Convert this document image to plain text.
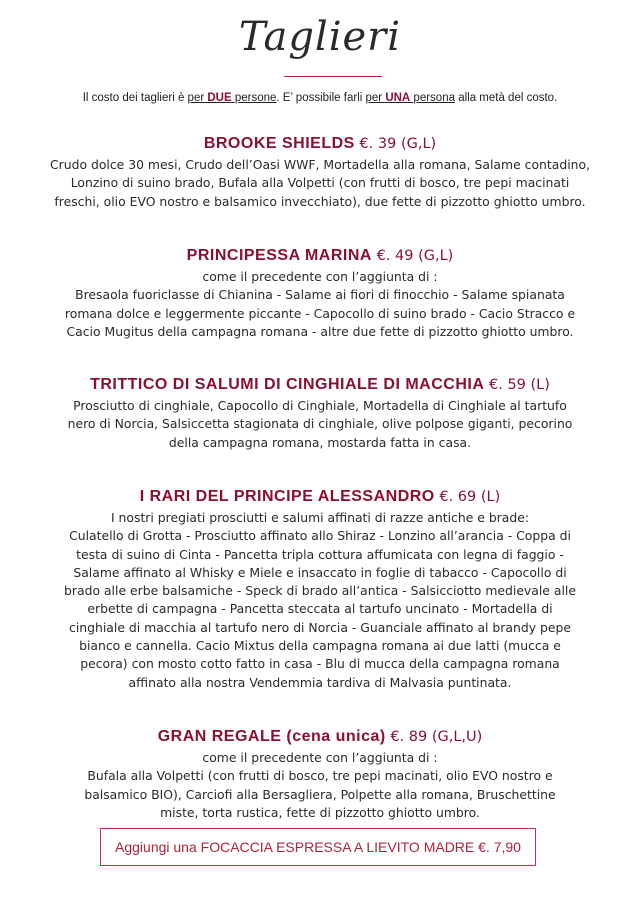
Taglieri
Il costo dei taglieri è per DUE persone. E’ possibile farli per UNA persona alla metà del costo.
BROOKE SHIELDS €. 39 (G,L)
Crudo dolce 30 mesi, Crudo dell’Oasi WWF, Mortadella alla romana, Salame contadino,
Lonzino di suino brado, Bufala alla Volpetti (con frutti di bosco, tre pepi macinati
freschi, olio EVO nostro e balsamico invecchiato), due fette di pizzotto ghiotto umbro.
PRINCIPESSA MARINA €. 49 (G,L)
come il precedente con l’aggiunta di :
Bresaola fuoriclasse di Chianina - Salame ai fiori di finocchio - Salame spianata
romana dolce e leggermente piccante - Capocollo di suino brado - Cacio Stracco e
Cacio Mugitus della campagna romana - altre due fette di pizzotto ghiotto umbro.
TRITTICO DI SALUMI DI CINGHIALE DI MACCHIA €. 59 (L)
Prosciutto di cinghiale, Capocollo di Cinghiale, Mortadella di Cinghiale al tartufo
nero di Norcia, Salsiccetta stagionata di cinghiale, olive polpose giganti, pecorino
della campagna romana, mostarda fatta in casa.
I RARI DEL PRINCIPE ALESSANDRO €. 69 (L)
I nostri pregiati prosciutti e salumi affinati di razze antiche e brade:
Culatello di Grotta - Prosciutto affinato allo Shiraz - Lonzino all’arancia - Coppa di
testa di suino di Cinta - Pancetta tripla cottura affumicata con legna di faggio -
Salame affinato al Whisky e Miele e insaccato in foglie di tabacco - Capocollo di
brado alle erbe balsamiche - Speck di brado all’antica - Salsicciotto medievale alle
erbette di campagna - Pancetta steccata al tartufo uncinato - Mortadella di
cinghiale di macchia al tartufo nero di Norcia - Guanciale affinato al brandy pepe
bianco e cannella. Cacio Mixtus della campagna romana ai due latti (mucca e
pecora) con mosto cotto fatto in casa - Blu di mucca della campagna romana
affinato alla nostra Vendemmia tardiva di Malvasia puntinata.
GRAN REGALE (cena unica) €. 89 (G,L,U)
come il precedente con l’aggiunta di :
Bufala alla Volpetti (con frutti di bosco, tre pepi macinati, olio EVO nostro e
balsamico BIO), Carciofi alla Bersagliera, Polpette alla romana, Bruschettine
miste, torta rustica, fette di pizzotto ghiotto umbro.
Aggiungi una FOCACCIA ESPRESSA A LIEVITO MADRE €. 7,90
